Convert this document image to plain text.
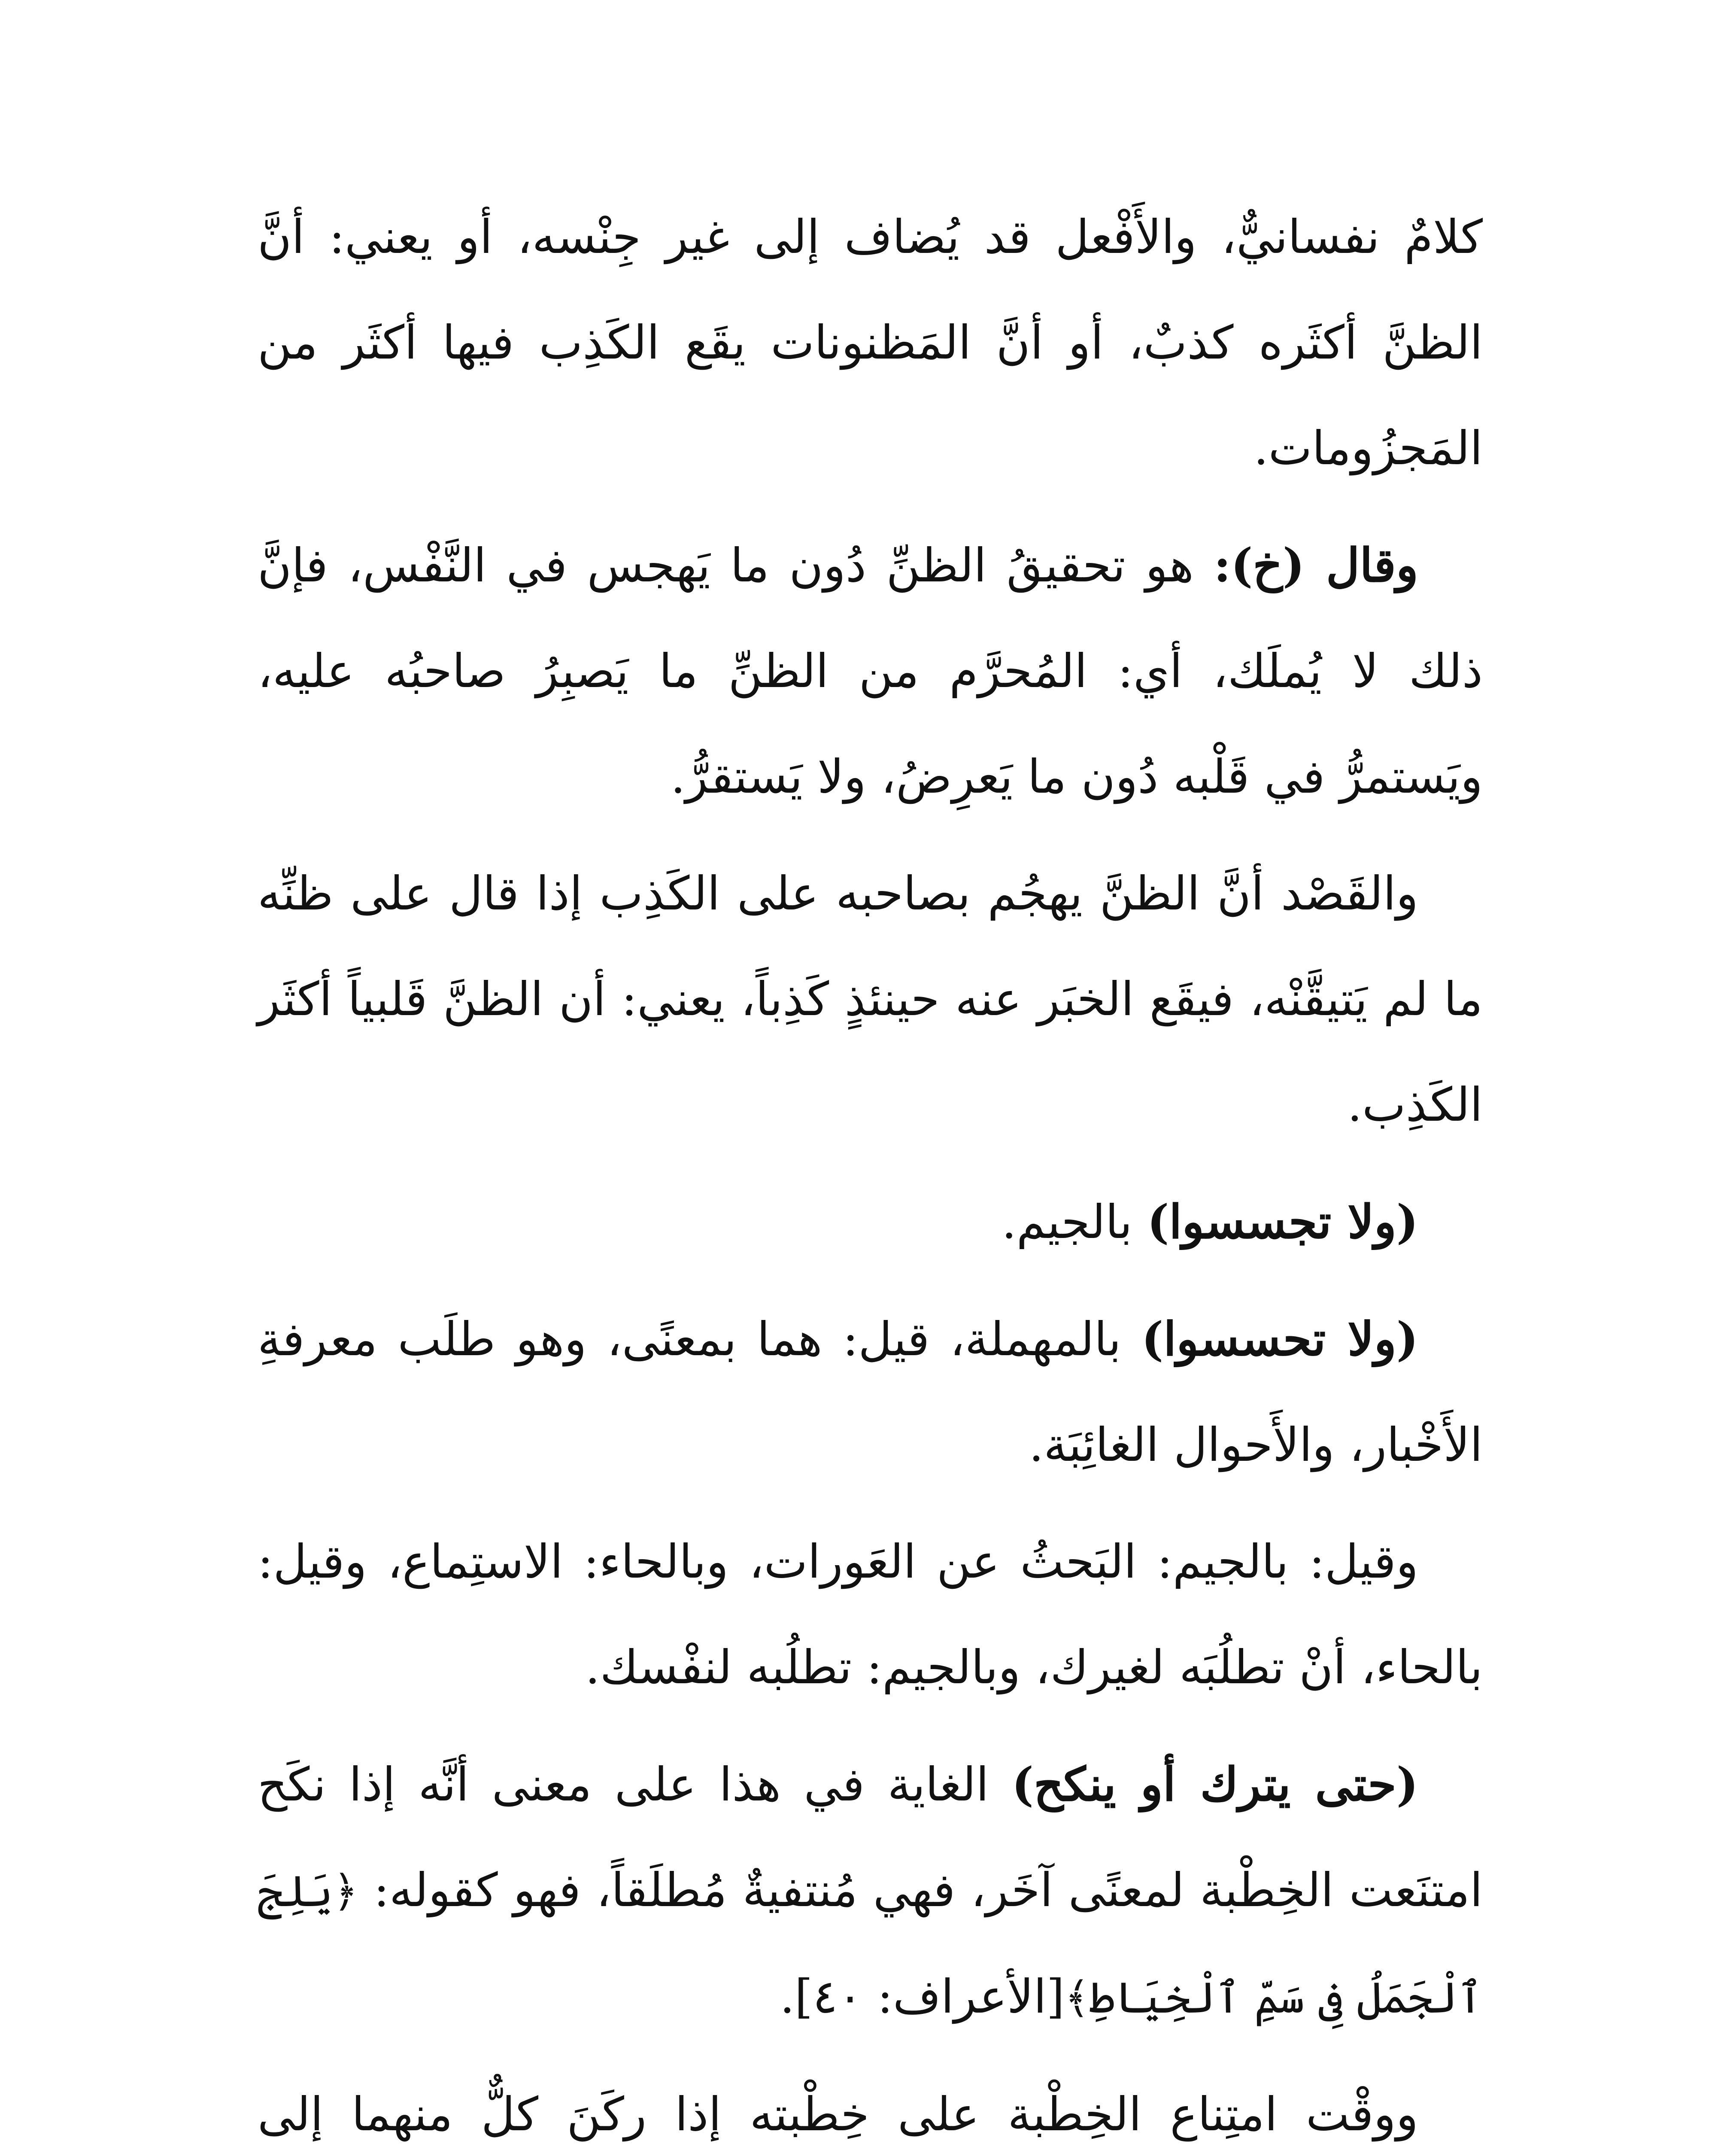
كلامٌ نفسانيٌّ، والأَفْعل قد يُضاف إلى غير جِنْسه، أو يعني: أنَّ الظنَّ أكثَره كذبٌ، أو أنَّ المَظنونات يقَع الكَذِب فيها أكثَر من المَجزُومات.

وقال (خ): هو تحقيقُ الظنِّ دُون ما يَهجس في النَّفْس، فإنَّ ذلك لا يُملَك، أي: المُحرَّم من الظنِّ ما يَصبِرُ صاحبُه عليه، ويَستمرُّ في قَلْبه دُون ما يَعرِضُ، ولا يَستقرُّ.

والقَصْد أنَّ الظنَّ يهجُم بصاحبه على الكَذِب إذا قال على ظنِّه ما لم يَتيقَّنْه، فيقَع الخبَر عنه حينئذٍ كَذِباً، يعني: أن الظنَّ قَلبياً أكثَر الكَذِب.

(ولا تجسسوا) بالجيم.

(ولا تحسسوا) بالمهملة، قيل: هما بمعنًى، وهو طلَب معرفةِ الأَخْبار، والأَحوال الغائِبَة.

وقيل: بالجيم: البَحثُ عن العَورات، وبالحاء: الاستِماع، وقيل: بالحاء، أنْ تطلُبَه لغيرك، وبالجيم: تطلُبه لنفْسك.

(حتى يترك أو ينكح) الغاية في هذا على معنى أنَّه إذا نكَح امتنَعت الخِطْبة لمعنًى آخَر، فهي مُنتفيةٌ مُطلَقاً، فهو كقوله: ﴿يَلِجَ ٱلْجَمَلُ فِى سَمِّ ٱلْخِيَاطِ﴾[الأعراف: ٤٠].

ووقْت امتِناع الخِطْبة على خِطْبته إذا ركَنَ كلٌّ منهما إلى
